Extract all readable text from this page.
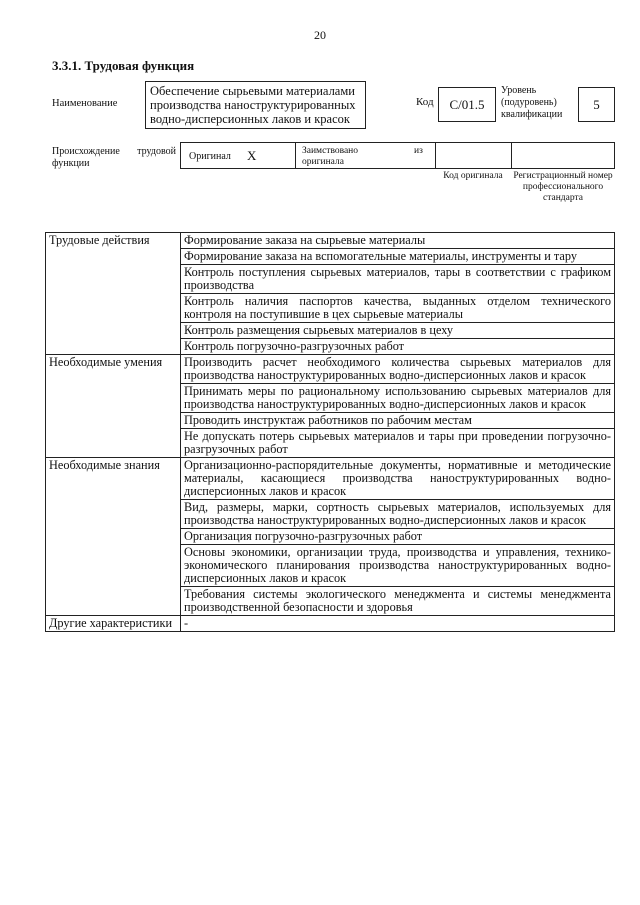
20
3.3.1. Трудовая функция
Наименование
Обеспечение сырьевыми материалами производства наноструктурированных водно-дисперсионных лаков и красок
Код	C/01.5
Уровень
(подуровень)
квалификации
5
Происхождение трудовой функции
Оригинал X	Заимствовано	из
оригинала
Код оригинала	Регистрационный номер профессионального стандарта
Трудовые действия	Формирование заказа на сырьевые материалы
	Формирование заказа на вспомогательные материалы, инструменты и тару
	Контроль поступления сырьевых материалов, тары в соответствии с графиком производства
	Контроль наличия паспортов качества, выданных отделом технического контроля на поступившие в цех сырьевые материалы
	Контроль размещения сырьевых материалов в цеху
	Контроль погрузочно-разгрузочных работ
Необходимые умения	Производить расчет необходимого количества сырьевых материалов для производства наноструктурированных водно-дисперсионных лаков и красок
	Принимать меры по рациональному использованию сырьевых материалов для производства наноструктурированных водно-дисперсионных лаков и красок
	Проводить инструктаж работников по рабочим местам
	Не допускать потерь сырьевых материалов и тары при проведении погрузочно-разгрузочных работ
Необходимые знания	Организационно-распорядительные документы, нормативные и методические материалы, касающиеся производства наноструктурированных водно-дисперсионных лаков и красок
	Вид, размеры, марки, сортность сырьевых материалов, используемых для производства наноструктурированных водно-дисперсионных лаков и красок
	Организация погрузочно-разгрузочных работ
	Основы экономики, организации труда, производства и управления, технико-экономического планирования производства наноструктурированных водно-дисперсионных лаков и красок
	Требования системы экологического менеджмента и системы менеджмента производственной безопасности и здоровья
Другие характеристики	-
